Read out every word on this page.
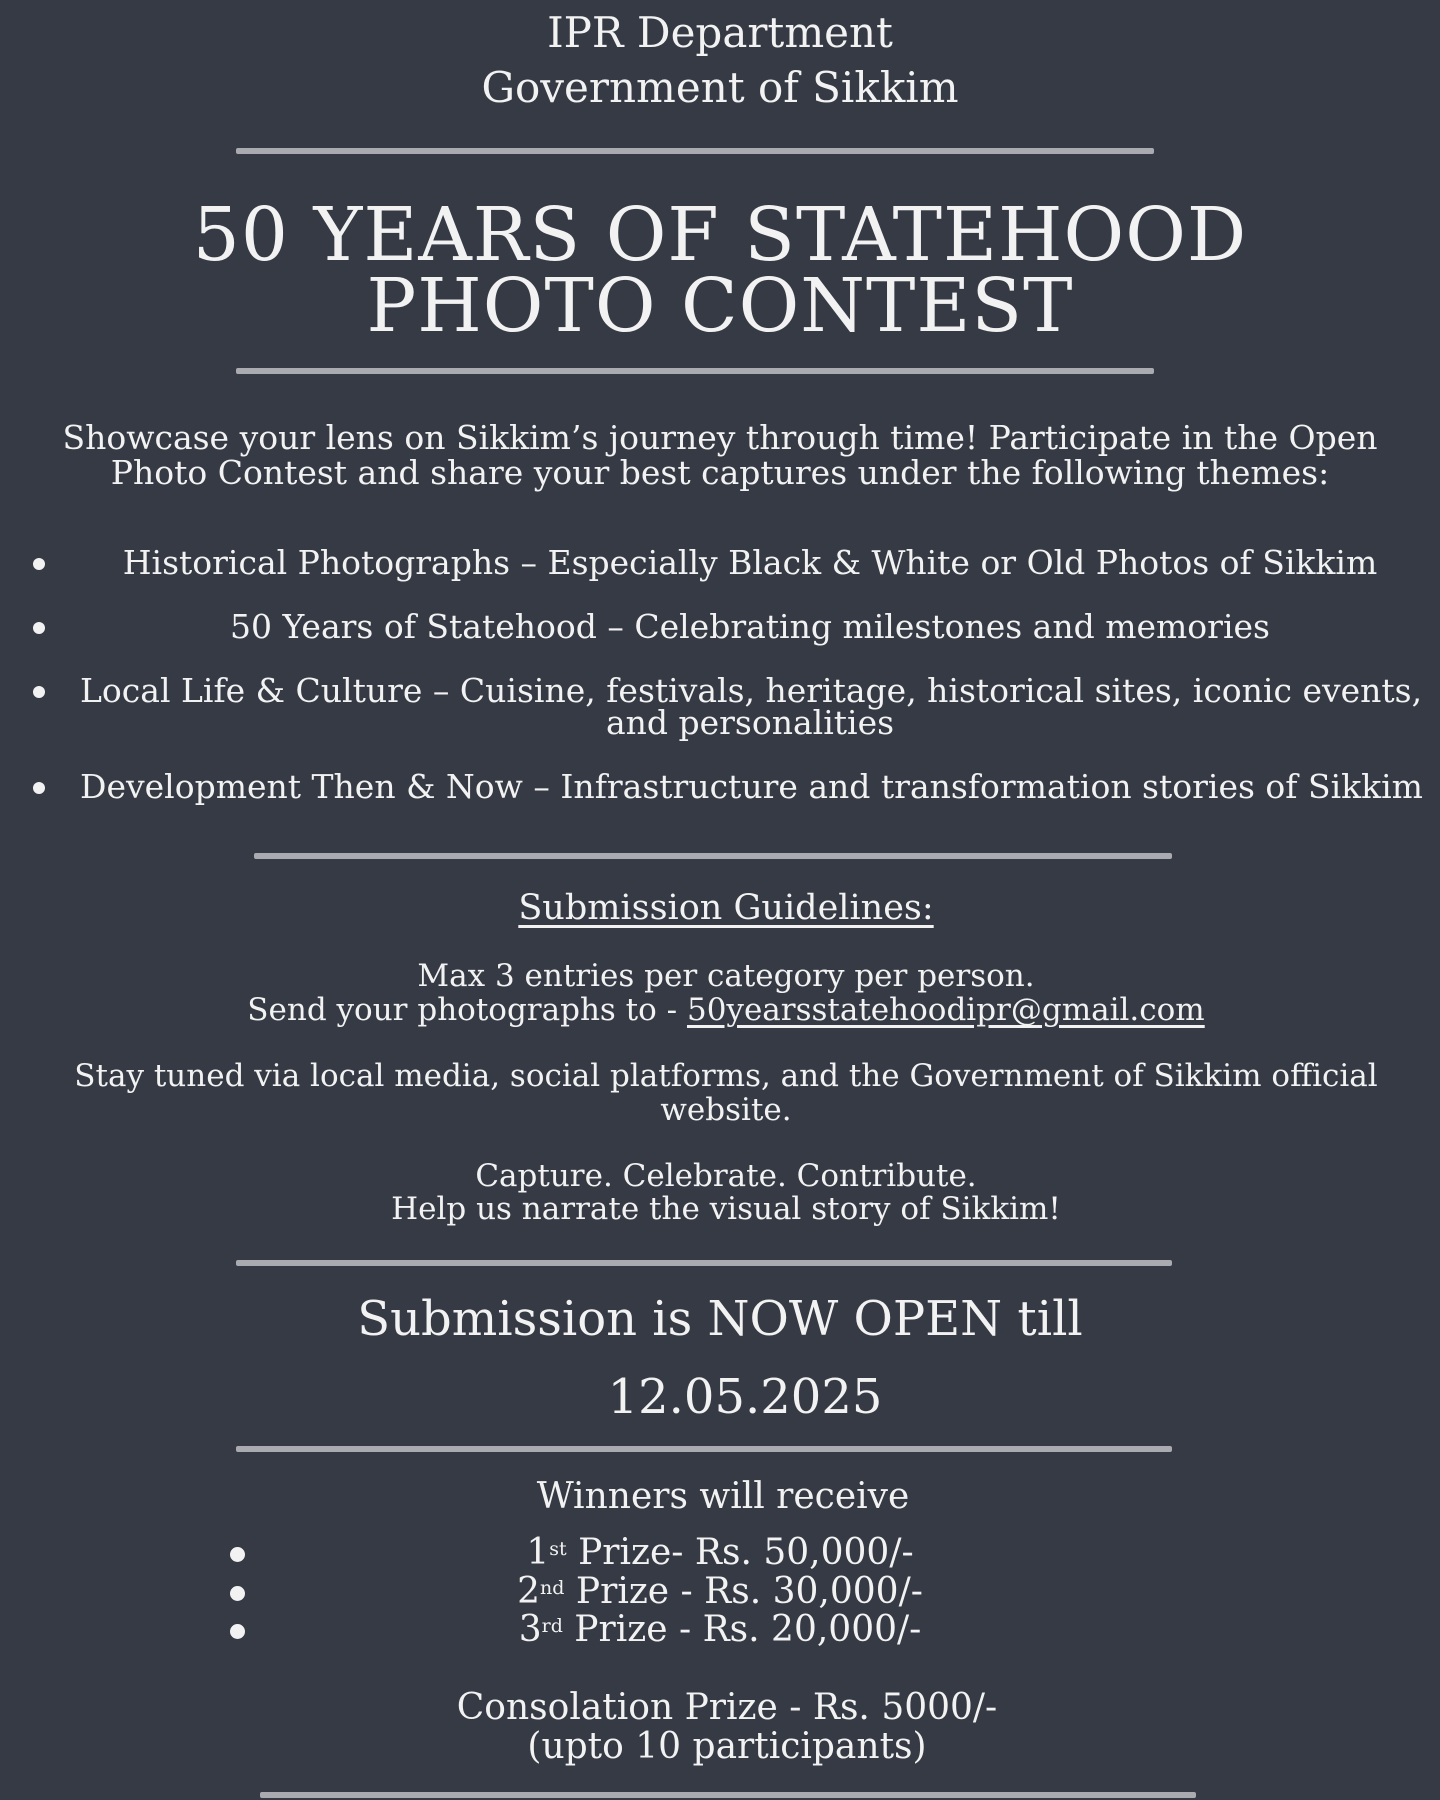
IPR Department
Government of Sikkim
50 YEARS OF STATEHOOD
PHOTO CONTEST
Showcase your lens on Sikkim’s journey through time! Participate in the Open
Photo Contest and share your best captures under the following themes:
Historical Photographs – Especially Black & White or Old Photos of Sikkim
50 Years of Statehood – Celebrating milestones and memories
Local Life & Culture – Cuisine, festivals, heritage, historical sites, iconic events,
and personalities
Development Then & Now – Infrastructure and transformation stories of Sikkim
Submission Guidelines:
Max 3 entries per category per person.
Send your photographs to - 50yearsstatehoodipr@gmail.com
Stay tuned via local media, social platforms, and the Government of Sikkim official
website.
Capture. Celebrate. Contribute.
Help us narrate the visual story of Sikkim!
Submission is NOW OPEN till
12.05.2025
Winners will receive
1st Prize- Rs. 50,000/-
2nd Prize - Rs. 30,000/-
3rd Prize - Rs. 20,000/-
Consolation Prize - Rs. 5000/-
(upto 10 participants)
